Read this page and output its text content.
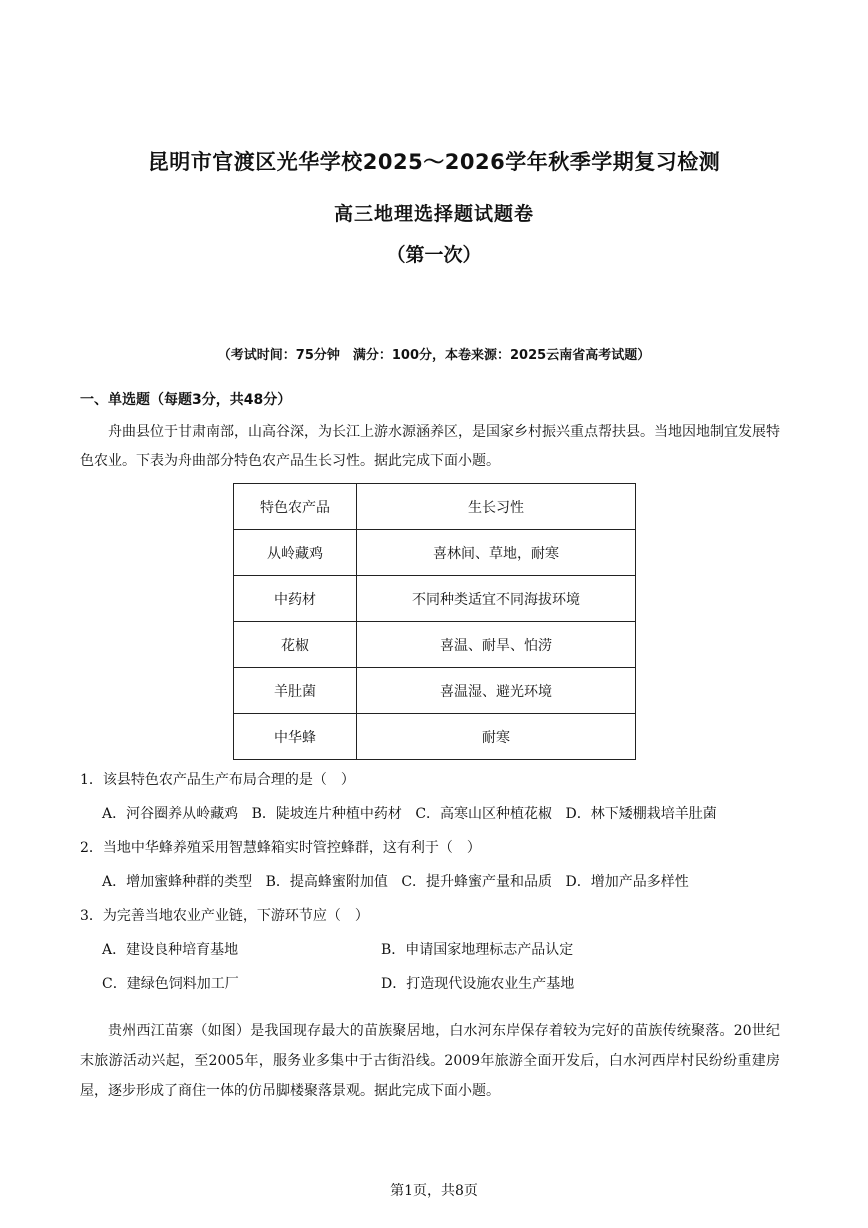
昆明市官渡区光华学校2025～2026学年秋季学期复习检测
高三地理选择题试题卷
（第一次）
（考试时间：75分钟　满分：100分，本卷来源：2025云南省高考试题）
一、单选题（每题3分，共48分）
舟曲县位于甘肃南部，山高谷深，为长江上游水源涵养区，是国家乡村振兴重点帮扶县。当地因地制宜发展特色农业。下表为舟曲部分特色农产品生长习性。据此完成下面小题。
特色农产品	生长习性
从岭藏鸡	喜林间、草地，耐寒
中药材	不同种类适宜不同海拔环境
花椒	喜温、耐旱、怕涝
羊肚菌	喜温湿、避光环境
中华蜂	耐寒
1．该县特色农产品生产布局合理的是（　）
A．河谷圈养从岭藏鸡 B．陡坡连片种植中药材 C．高寒山区种植花椒 D．林下矮棚栽培羊肚菌
2．当地中华蜂养殖采用智慧蜂箱实时管控蜂群，这有利于（　）
A．增加蜜蜂种群的类型 B．提高蜂蜜附加值 C．提升蜂蜜产量和品质 D．增加产品多样性
3．为完善当地农业产业链，下游环节应（　）
A．建设良种培育基地	B．申请国家地理标志产品认定
C．建绿色饲料加工厂	D．打造现代设施农业生产基地
贵州西江苗寨（如图）是我国现存最大的苗族聚居地，白水河东岸保存着较为完好的苗族传统聚落。20世纪末旅游活动兴起，至2005年，服务业多集中于古街沿线。2009年旅游全面开发后，白水河西岸村民纷纷重建房屋，逐步形成了商住一体的仿吊脚楼聚落景观。据此完成下面小题。
第1页，共8页
